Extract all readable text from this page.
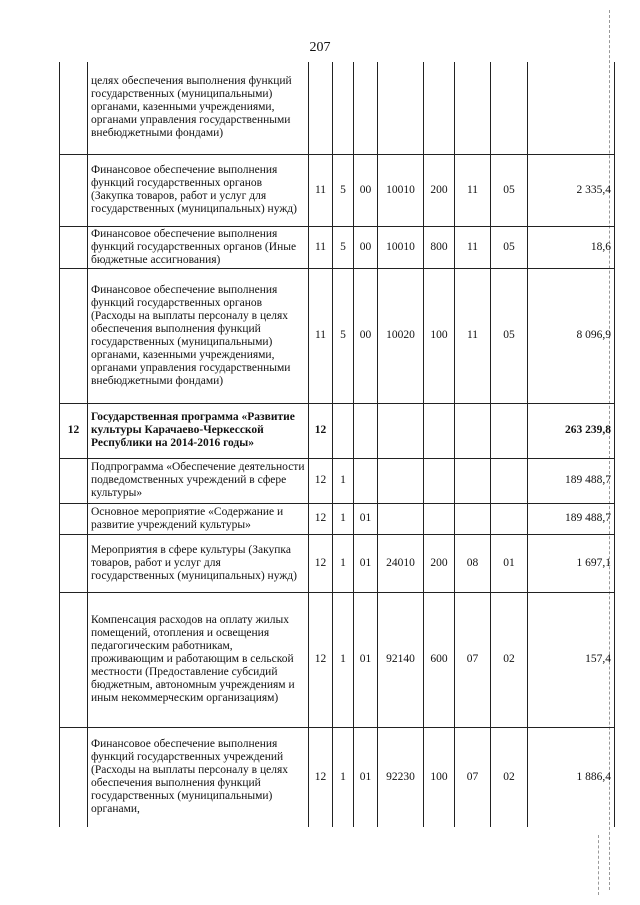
207
	целях обеспечения выполнения функций государственных (муниципальными) органами, казенными учреждениями, органами управления государственными внебюджетными фондами)								
	Финансовое обеспечение выполнения функций государственных органов (Закупка товаров, работ и услуг для государственных (муниципальных) нужд)	11	5	00	10010	200	11	05	2 335,4
	Финансовое обеспечение выполнения функций государственных органов (Иные бюджетные ассигнования)	11	5	00	10010	800	11	05	18,6
	Финансовое обеспечение выполнения функций государственных органов (Расходы на выплаты персоналу в целях обеспечения выполнения функций государственных (муниципальными) органами, казенными учреждениями, органами управления государственными внебюджетными фондами)	11	5	00	10020	100	11	05	8 096,9
12	Государственная программа «Развитие культуры Карачаево-Черкесской Республики на 2014-2016 годы»	12							263 239,8
	Подпрограмма «Обеспечение деятельности подведомственных учреждений в сфере культуры»	12	1						189 488,7
	Основное мероприятие «Содержание и развитие учреждений культуры»	12	1	01					189 488,7
	Мероприятия в сфере культуры (Закупка товаров, работ и услуг для государственных (муниципальных) нужд)	12	1	01	24010	200	08	01	1 697,1
	Компенсация расходов на оплату жилых помещений, отопления и освещения педагогическим работникам, проживающим и работающим в сельской местности (Предоставление субсидий бюджетным, автономным учреждениям и иным некоммерческим организациям)	12	1	01	92140	600	07	02	157,4
	Финансовое обеспечение выполнения функций государственных учреждений (Расходы на выплаты персоналу в целях обеспечения выполнения функций государственных (муниципальными) органами,	12	1	01	92230	100	07	02	1 886,4
